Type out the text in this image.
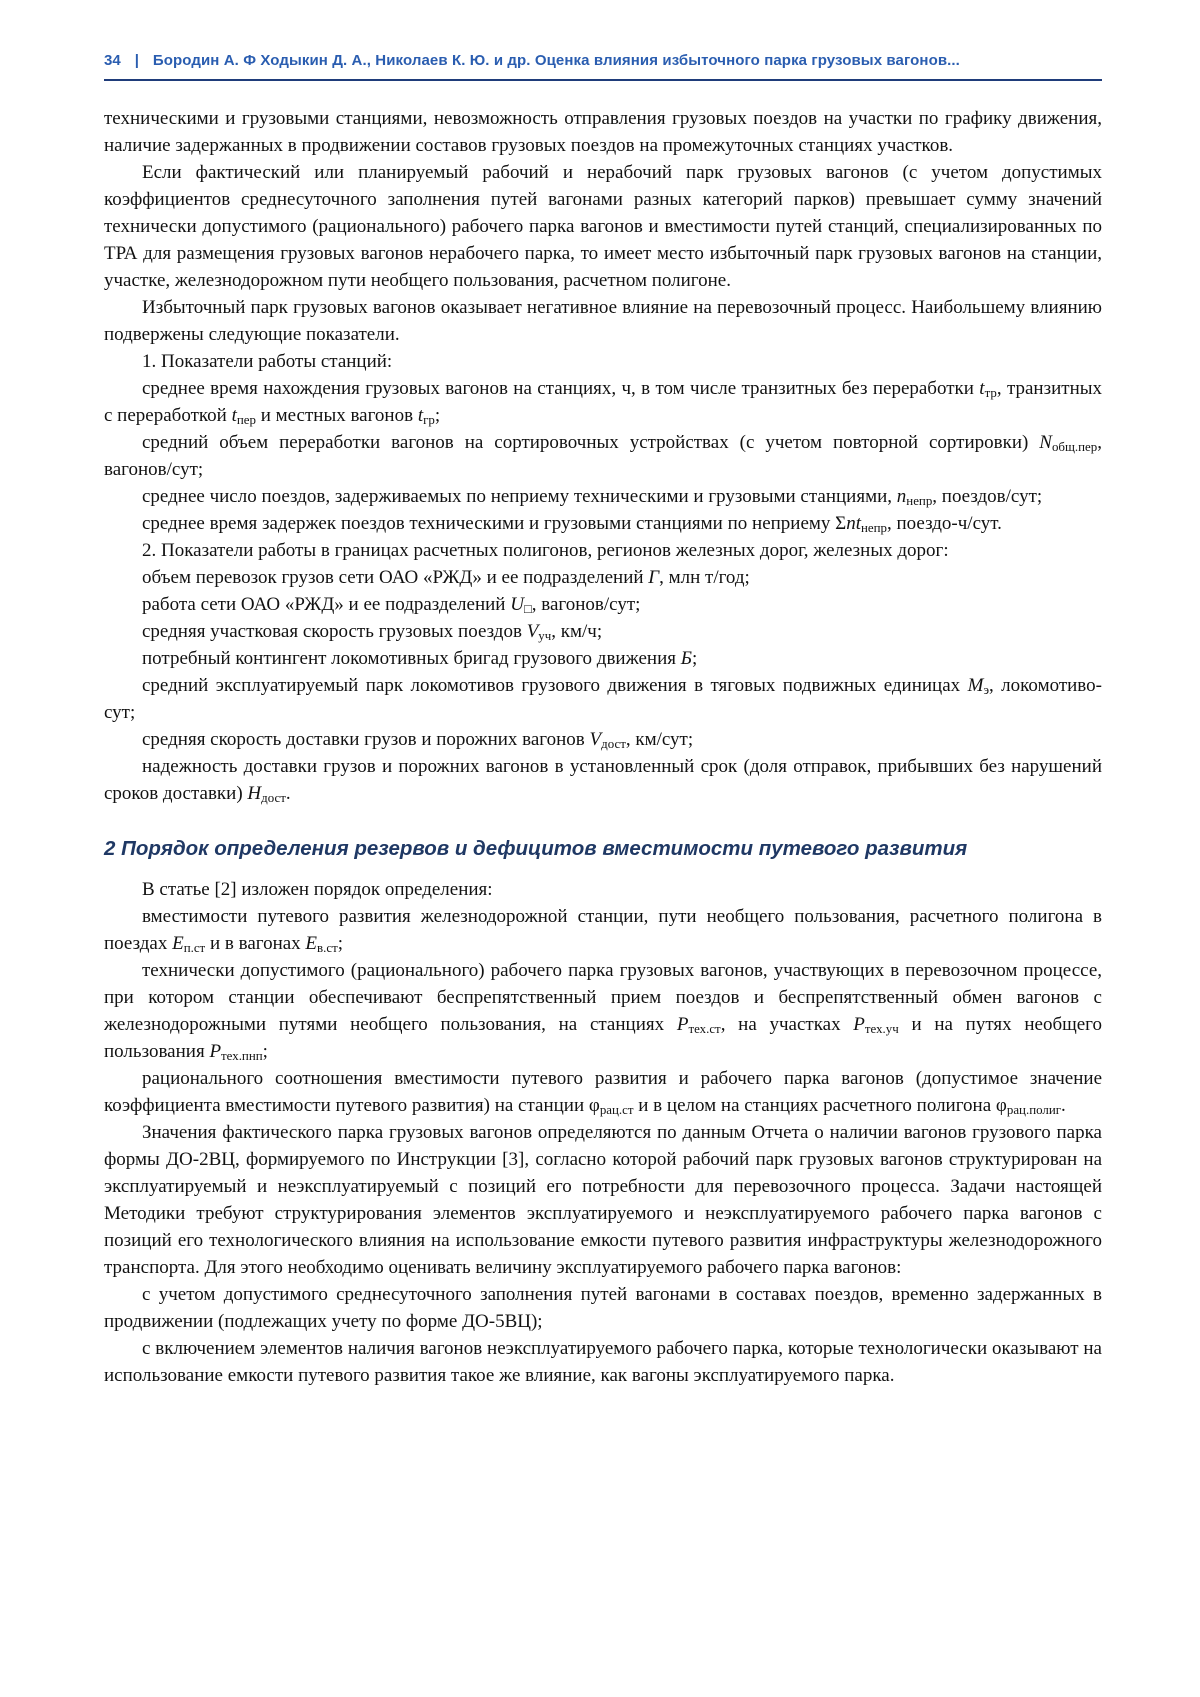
34 | Бородин А. Ф Ходыкин Д. А., Николаев К. Ю. и др. Оценка влияния избыточного парка грузовых вагонов...

техническими и грузовыми станциями, невозможность отправления грузовых поездов на участки по графику движения, наличие задержанных в продвижении составов грузовых поездов на промежуточных станциях участков.

Если фактический или планируемый рабочий и нерабочий парк грузовых вагонов (с учетом допустимых коэффициентов среднесуточного заполнения путей вагонами разных категорий парков) превышает сумму значений технически допустимого (рационального) рабочего парка вагонов и вместимости путей станций, специализированных по ТРА для размещения грузовых вагонов нерабочего парка, то имеет место избыточный парк грузовых вагонов на станции, участке, железнодорожном пути необщего пользования, расчетном полигоне.

Избыточный парк грузовых вагонов оказывает негативное влияние на перевозочный процесс. Наибольшему влиянию подвержены следующие показатели.

1. Показатели работы станций:

среднее время нахождения грузовых вагонов на станциях, ч, в том числе транзитных без переработки $t_{тр}$, транзитных с переработкой $t_{пер}$ и местных вагонов $t_{гр}$;

средний объем переработки вагонов на сортировочных устройствах (с учетом повторной сортировки) $N_{общ.пер}$, вагонов/сут;

среднее число поездов, задерживаемых по неприему техническими и грузовыми станциями, $n_{непр}$, поездов/сут;

среднее время задержек поездов техническими и грузовыми станциями по неприему Σnt$_{непр}$, поездо-ч/сут.

2. Показатели работы в границах расчетных полигонов, регионов железных дорог, железных дорог:

объем перевозок грузов сети ОАО «РЖД» и ее подразделений Г, млн т/год;

работа сети ОАО «РЖД» и ее подразделений $U_□$, вагонов/сут;

средняя участковая скорость грузовых поездов $V_{уч}$, км/ч;

потребный контингент локомотивных бригад грузового движения Б;

средний эксплуатируемый парк локомотивов грузового движения в тяговых подвижных единицах $М_э$, локомотиво-сут;

средняя скорость доставки грузов и порожних вагонов $V_{дост}$, км/сут;

надежность доставки грузов и порожних вагонов в установленный срок (доля отправок, прибывших без нарушений сроков доставки) $Н_{дост}$.

2 Порядок определения резервов и дефицитов вместимости путевого развития

В статье [2] изложен порядок определения:

вместимости путевого развития железнодорожной станции, пути необщего пользования, расчетного полигона в поездах $E_{п.ст}$ и в вагонах $E_{в.ст}$;

технически допустимого (рационального) рабочего парка грузовых вагонов, участвующих в перевозочном процессе, при котором станции обеспечивают беспрепятственный прием поездов и беспрепятственный обмен вагонов с железнодорожными путями необщего пользования, на станциях $Р_{тех.ст}$, на участках $Р_{тех.уч}$ и на путях необщего пользования $Р_{тех.пнп}$;

рационального соотношения вместимости путевого развития и рабочего парка вагонов (допустимое значение коэффициента вместимости путевого развития) на станции $\varphi_{рац.ст}$ и в целом на станциях расчетного полигона $\varphi_{рац.полиг}$.

Значения фактического парка грузовых вагонов определяются по данным Отчета о наличии вагонов грузового парка формы ДО-2ВЦ, формируемого по Инструкции [3], согласно которой рабочий парк грузовых вагонов структурирован на эксплуатируемый и неэксплуатируемый с позиций его потребности для перевозочного процесса. Задачи настоящей Методики требуют структурирования элементов эксплуатируемого и неэксплуатируемого рабочего парка вагонов с позиций его технологического влияния на использование емкости путевого развития инфраструктуры железнодорожного транспорта. Для этого необходимо оценивать величину эксплуатируемого рабочего парка вагонов:

с учетом допустимого среднесуточного заполнения путей вагонами в составах поездов, временно задержанных в продвижении (подлежащих учету по форме ДО-5ВЦ);

с включением элементов наличия вагонов неэксплуатируемого рабочего парка, которые технологически оказывают на использование емкости путевого развития такое же влияние, как вагоны эксплуатируемого парка.
